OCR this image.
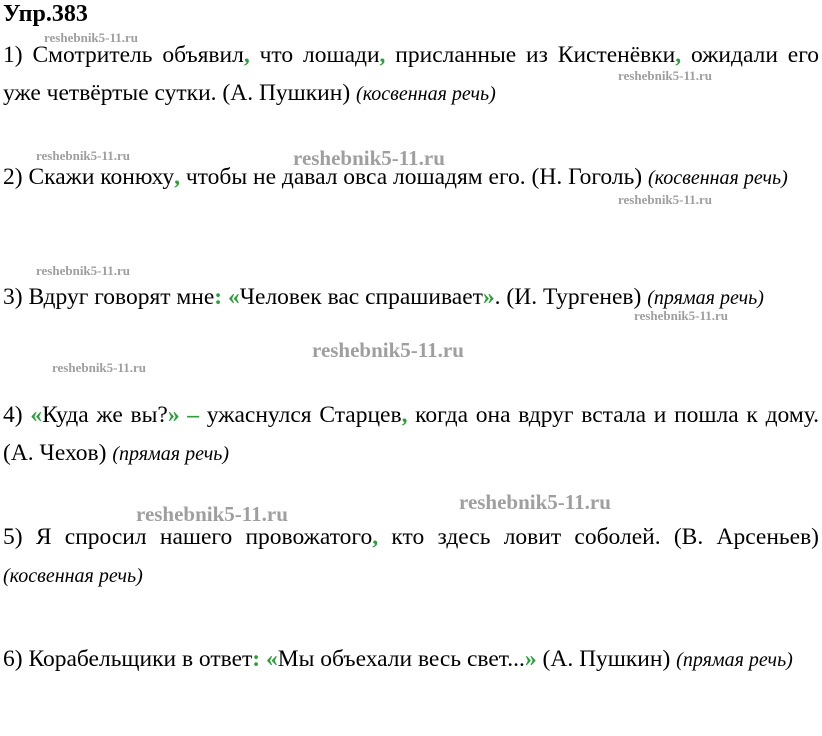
Упр.383
1) Смотритель объявил, что лошади, присланные из Кистенёвки, ожидали его уже четвёртые сутки. (А. Пушкин) (косвенная речь)
2) Скажи конюху, чтобы не давал овса лошадям его. (Н. Гоголь) (косвенная речь)
3) Вдруг говорят мне: «Человек вас спрашивает». (И. Тургенев) (прямая речь)
4) «Куда же вы?» – ужаснулся Старцев, когда она вдруг встала и пошла к дому. (А. Чехов) (прямая речь)
5) Я спросил нашего провожатого, кто здесь ловит соболей. (В. Арсеньев) (косвенная речь)
6) Корабельщики в ответ: «Мы объехали весь свет...» (А. Пушкин) (прямая речь)
reshebnik5-11.ru
reshebnik5-11.ru
reshebnik5-11.ru	reshebnik5-11.ru
reshebnik5-11.ru
reshebnik5-11.ru
reshebnik5-11.ru
reshebnik5-11.ru
reshebnik5-11.ru
reshebnik5-11.ru
reshebnik5-11.ru
